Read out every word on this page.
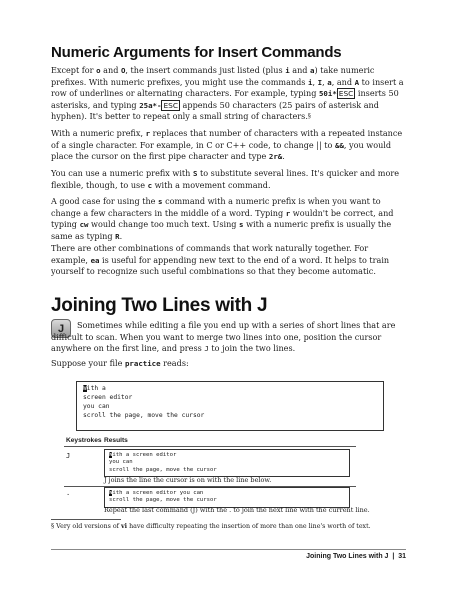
Numeric Arguments for Insert Commands

Except for o and O, the insert commands just listed (plus i and a) take numeric prefixes. With numeric prefixes, you might use the commands i, I, a, and A to insert a row of underlines or alternating characters. For example, typing 50i* ESC inserts 50 asterisks, and typing 25a*- ESC appends 50 characters (25 pairs of asterisk and hyphen). It's better to repeat only a small string of characters.§

With a numeric prefix, r replaces that number of characters with a repeated instance of a single character. For example, in C or C++ code, to change || to &&, you would place the cursor on the first pipe character and type 2r&.

You can use a numeric prefix with S to substitute several lines. It's quicker and more flexible, though, to use c with a movement command.

A good case for using the s command with a numeric prefix is when you want to change a few characters in the middle of a word. Typing r wouldn't be correct, and typing cw would change too much text. Using s with a numeric prefix is usually the same as typing R.

There are other combinations of commands that work naturally together. For example, ea is useful for appending new text to the end of a word. It helps to train yourself to recognize such useful combinations so that they become automatic.

Joining Two Lines with J
J	Sometimes while editing a file you end up with a series of short lines that are difficult to scan. When you want to merge two lines into one, position the cursor anywhere on the first line, and press J to join the two lines.

Suppose your file practice reads:

With a
screen editor
you can
scroll the page, move the cursor
Keystrokes Results
J	With a screen editor
you can
scroll the page, move the cursor
J joins the line the cursor is on with the line below.
.	With a screen editor you can
scroll the page, move the cursor
Repeat the last command (J) with the . to join the next line with the current line.
§ Very old versions of vi have difficulty repeating the insertion of more than one line's worth of text.
Joining Two Lines with J | 31
